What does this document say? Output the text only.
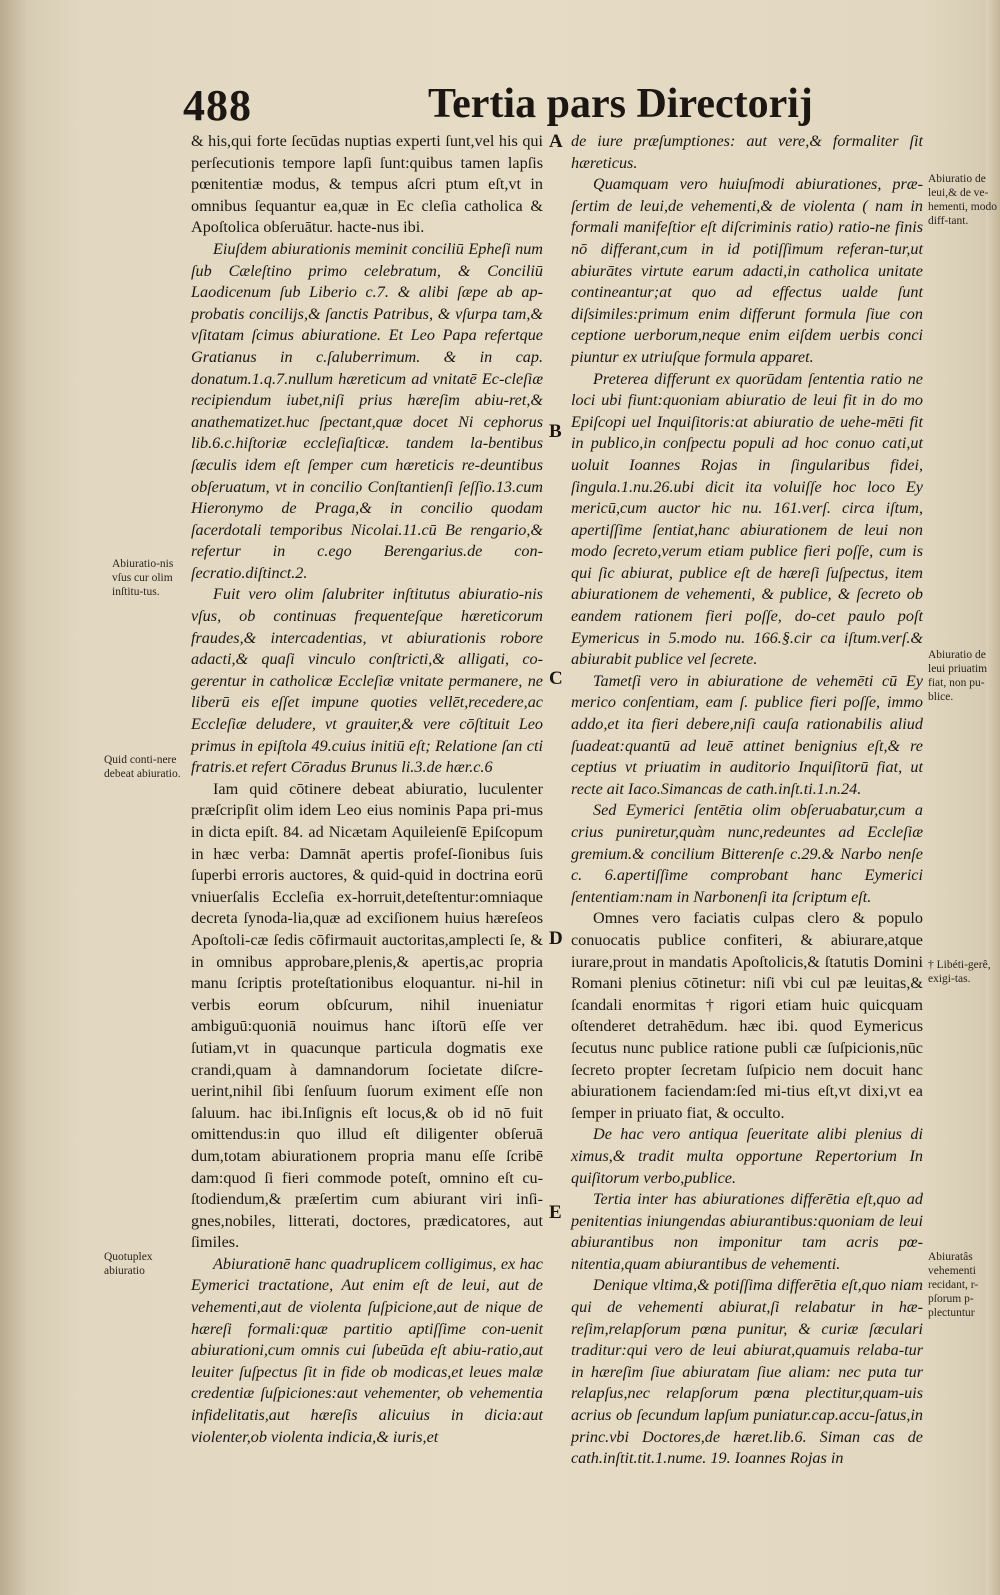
488	Tertia pars Directorij
A
B
C
D
E
Abiuratio-nis vſus cur olim inſtitu-tus.
Quid conti-nere debeat abiuratio.
Quotuplex abiuratio
Abiuratio de leui,& de ve-hementi, modo diff-tant.
Abiuratio de leui priuatim fiat, non pu-blice.
† Libéti-gerê, exigi-tas.
Abiuratâs vehementi recidant, r-pſorum p-plectuntur

& his,qui forte ſecūdas nuptias experti ſunt,vel his qui perſecutionis tempore lapſi ſunt:quibus tamen lapſis pœnitentiæ modus, & tempus aſcri ptum eſt,vt in omnibus ſequantur ea,quæ in Ec cleſia catholica & Apoſtolica obſeruātur. hacte-nus ibi.

Eiuſdem abiurationis meminit conciliū Epheſi num ſub Cæleſtino primo celebratum, & Conciliū Laodicenum ſub Liberio c.7. & alibi ſæpe ab ap-probatis concilijs,& ſanctis Patribus, & vſurpa tam,& vſitatam ſcimus abiuratione. Et Leo Papa refertque Gratianus in c.ſaluberrimum. & in cap. donatum.1.q.7.nullum hæreticum ad vnitatē Ec-cleſiæ recipiendum iubet,niſi prius hæreſim abiu-ret,& anathematizet.huc ſpectant,quæ docet Ni cephorus lib.6.c.hiſtoriæ eccleſiaſticæ. tandem la-bentibus ſæculis idem eſt ſemper cum hæreticis re-deuntibus obſeruatum, vt in concilio Conſtantienſi ſeſſio.13.cum Hieronymo de Praga,& in concilio quodam ſacerdotali temporibus Nicolai.11.cū Be rengario,& refertur in c.ego Berengarius.de con-ſecratio.diſtinct.2.

Fuit vero olim ſalubriter inſtitutus abiuratio-nis vſus, ob continuas frequenteſque hæreticorum fraudes,& intercadentias, vt abiurationis robore adacti,& quaſi vinculo conſtricti,& alligati, co-gerentur in catholicæ Eccleſiæ vnitate permanere, ne liberū eis eſſet impune quoties vellēt,recedere,ac Eccleſiæ deludere, vt grauiter,& vere cōſtituit Leo primus in epiſtola 49.cuius initiū eſt; Relatione ſan cti fratris.et refert Cōradus Brunus li.3.de hær.c.6

Iam quid cōtinere debeat abiuratio, luculenter præſcripſit olim idem Leo eius nominis Papa pri-mus in dicta epiſt. 84. ad Nicætam Aquileienſē Epiſcopum in hæc verba: Damnāt apertis profeſ-ſionibus ſuis ſuperbi erroris auctores, & quid-quid in doctrina eorū vniuerſalis Eccleſia ex-horruit,deteſtentur:omniaque decreta ſynoda-lia,quæ ad exciſionem huius hæreſeos Apoſtoli-cæ ſedis cōfirmauit auctoritas,amplecti ſe, & in omnibus approbare,plenis,& apertis,ac propria manu ſcriptis proteſtationibus eloquantur. ni-hil in verbis eorum obſcurum, nihil inueniatur ambiguū:quoniā nouimus hanc iſtorū eſſe ver ſutiam,vt in quacunque particula dogmatis exe crandi,quam à damnandorum ſocietate diſcre-uerint,nihil ſibi ſenſuum ſuorum eximent eſſe non ſaluum. hac ibi.Inſignis eſt locus,& ob id nō fuit omittendus:in quo illud eſt diligenter obſeruā dum,totam abiurationem propria manu eſſe ſcribē dam:quod ſi fieri commode poteſt, omnino eſt cu-ſtodiendum,& præſertim cum abiurant viri inſi-gnes,nobiles, litterati, doctores, prædicatores, aut ſimiles.

Abiurationē hanc quadruplicem colligimus, ex hac Eymerici tractatione, Aut enim eſt de leui, aut de vehementi,aut de violenta ſuſpicione,aut de nique de hæreſi formali:quæ partitio aptiſſime con-uenit abiurationi,cum omnis cui ſubeūda eſt abiu-ratio,aut leuiter ſuſpectus ſit in fide ob modicas,et leues malæ credentiæ ſuſpiciones:aut vehementer, ob vehementia infidelitatis,aut hæreſis alicuius in dicia:aut violenter,ob violenta indicia,& iuris,et

de iure præſumptiones: aut vere,& formaliter ſit hæreticus.

Quamquam vero huiuſmodi abiurationes, præ-ſertim de leui,de vehementi,& de violenta ( nam in formali manifeſtior eſt diſcriminis ratio) ratio-ne finis nō differant,cum in id potiſſimum referan-tur,ut abiurātes virtute earum adacti,in catholica unitate contineantur;at quo ad effectus ualde ſunt diſsimiles:primum enim differunt formula ſiue con ceptione uerborum,neque enim eiſdem uerbis conci piuntur ex utriuſque formula apparet.

Preterea differunt ex quorūdam ſententia ratio ne loci ubi fiunt:quoniam abiuratio de leui fit in do mo Epiſcopi uel Inquiſitoris:at abiuratio de uehe-mēti fit in publico,in conſpectu populi ad hoc conuo cati,ut uoluit Ioannes Rojas in ſingularibus fidei, ſingula.1.nu.26.ubi dicit ita voluiſſe hoc loco Ey mericū,cum auctor hic nu. 161.verſ. circa iſtum, apertiſſime ſentiat,hanc abiurationem de leui non modo ſecreto,verum etiam publice fieri poſſe, cum is qui ſic abiurat, publice eſt de hæreſi ſuſpectus, item abiurationem de vehementi, & publice, & ſecreto ob eandem rationem fieri poſſe, do-cet paulo poſt Eymericus in 5.modo nu. 166.§.cir ca iſtum.verſ.& abiurabit publice vel ſecrete.

Tametſi vero in abiuratione de vehemēti cū Ey merico conſentiam, eam ſ. publice fieri poſſe, immo addo,et ita fieri debere,niſi cauſa rationabilis aliud ſuadeat:quantū ad leuē attinet benignius eſt,& re ceptius vt priuatim in auditorio Inquiſitorū fiat, ut recte ait Iaco.Simancas de cath.inſt.ti.1.n.24.

Sed Eymerici ſentētia olim obſeruabatur,cum a crius puniretur,quàm nunc,redeuntes ad Eccleſiæ gremium.& concilium Bitterenſe c.29.& Narbo nenſe c. 6.apertiſſime comprobant hanc Eymerici ſententiam:nam in Narbonenſi ita ſcriptum eſt.

Omnes vero faciatis culpas clero & populo conuocatis publice confiteri, & abiurare,atque iurare,prout in mandatis Apoſtolicis,& ſtatutis Domini Romani plenius cōtinetur: niſi vbi cul pæ leuitas,& ſcandali enormitas † rigori etiam huic quicquam oſtenderet detrahēdum. hæc ibi. quod Eymericus ſecutus nunc publice ratione publi cæ ſuſpicionis,nūc ſecreto propter ſecretam ſuſpicio nem docuit hanc abiurationem faciendam:ſed mi-tius eſt,vt dixi,vt ea ſemper in priuato fiat, & occulto.

De hac vero antiqua ſeueritate alibi plenius di ximus,& tradit multa opportune Repertorium In quiſitorum verbo,publice.

Tertia inter has abiurationes differētia eſt,quo ad penitentias iniungendas abiurantibus:quoniam de leui abiurantibus non imponitur tam acris pœ-nitentia,quam abiurantibus de vehementi.

Denique vltima,& potiſſima differētia eſt,quo niam qui de vehementi abiurat,ſi relabatur in hæ-reſim,relapſorum pœna punitur, & curiæ ſæculari traditur:qui vero de leui abiurat,quamuis relaba-tur in hæreſim ſiue abiuratam ſiue aliam: nec puta tur relapſus,nec relapſorum pœna plectitur,quam-uis acrius ob ſecundum lapſum puniatur.cap.accu-ſatus,in princ.vbi Doctores,de hæret.lib.6. Siman cas de cath.inſtit.tit.1.nume. 19. Ioannes Rojas in
